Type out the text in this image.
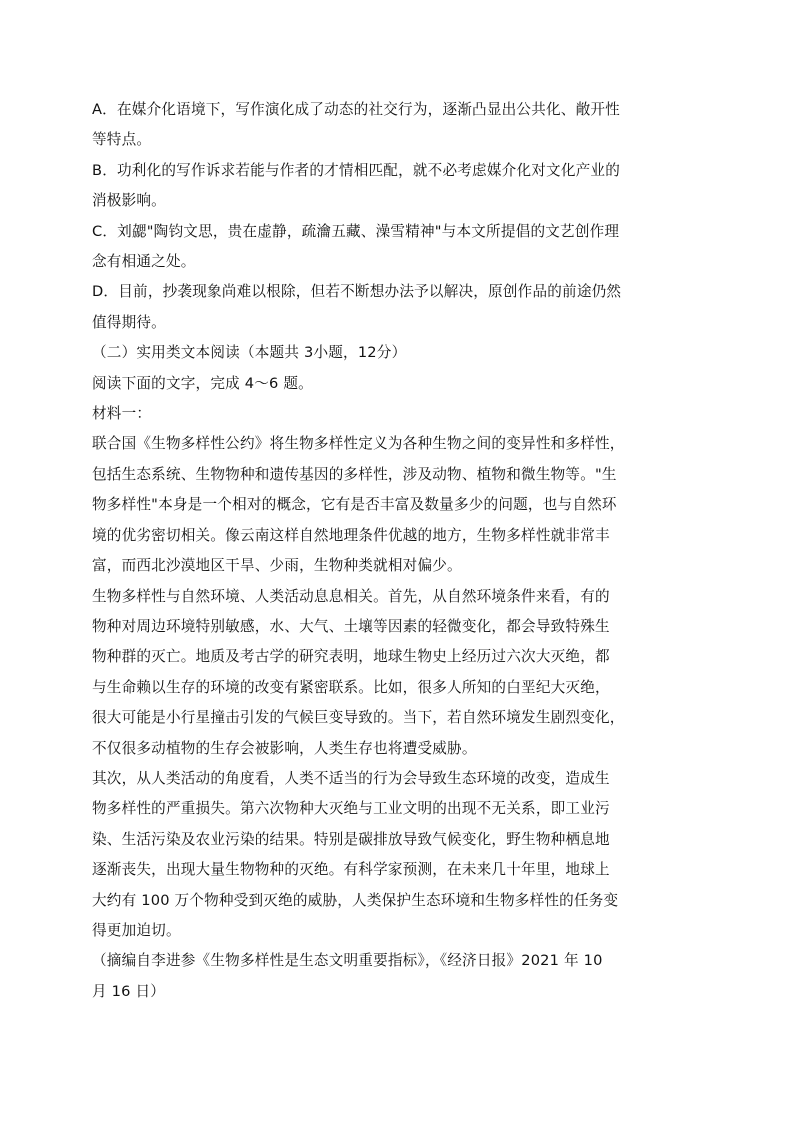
A．在媒介化语境下，写作演化成了动态的社交行为，逐渐凸显出公共化、敞开性
等特点。
B．功利化的写作诉求若能与作者的才情相匹配，就不必考虑媒介化对文化产业的
消极影响。
C．刘勰"陶钧文思，贵在虚静，疏瀹五藏、澡雪精神"与本文所提倡的文艺创作理
念有相通之处。
D．目前，抄袭现象尚难以根除，但若不断想办法予以解决，原创作品的前途仍然
值得期待。
（二）实用类文本阅读（本题共 3小题，12分）
阅读下面的文字，完成 4～6 题。
材料一：
联合国《生物多样性公约》将生物多样性定义为各种生物之间的变异性和多样性，
包括生态系统、生物物种和遗传基因的多样性，涉及动物、植物和微生物等。"生
物多样性"本身是一个相对的概念，它有是否丰富及数量多少的问题，也与自然环
境的优劣密切相关。像云南这样自然地理条件优越的地方，生物多样性就非常丰
富，而西北沙漠地区干旱、少雨，生物种类就相对偏少。
生物多样性与自然环境、人类活动息息相关。首先，从自然环境条件来看，有的
物种对周边环境特别敏感，水、大气、土壤等因素的轻微变化，都会导致特殊生
物种群的灭亡。地质及考古学的研究表明，地球生物史上经历过六次大灭绝，都
与生命赖以生存的环境的改变有紧密联系。比如，很多人所知的白垩纪大灭绝，
很大可能是小行星撞击引发的气候巨变导致的。当下，若自然环境发生剧烈变化，
不仅很多动植物的生存会被影响，人类生存也将遭受威胁。
其次，从人类活动的角度看，人类不适当的行为会导致生态环境的改变，造成生
物多样性的严重损失。第六次物种大灭绝与工业文明的出现不无关系，即工业污
染、生活污染及农业污染的结果。特别是碳排放导致气候变化，野生物种栖息地
逐渐丧失，出现大量生物物种的灭绝。有科学家预测，在未来几十年里，地球上
大约有 100 万个物种受到灭绝的威胁，人类保护生态环境和生物多样性的任务变
得更加迫切。
（摘编自李进参《生物多样性是生态文明重要指标》，《经济日报》2021 年 10
月 16 日）
